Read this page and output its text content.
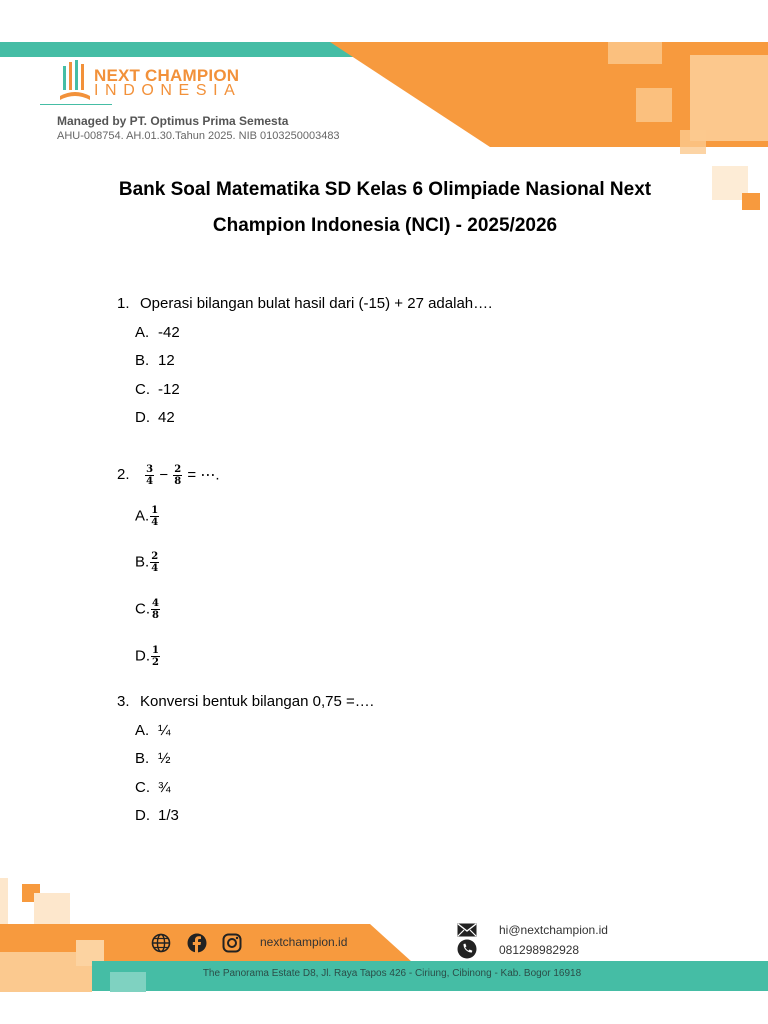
NEXT CHAMPION
INDONESIA
Managed by PT. Optimus Prima Semesta
AHU-008754. AH.01.30.Tahun 2025. NIB 0103250003483
Bank Soal Matematika SD Kelas 6 Olimpiade Nasional Next
Champion Indonesia (NCI) - 2025/2026
1. Operasi bilangan bulat hasil dari (-15) + 27 adalah….
A. -42
B. 12
C. -12
D. 42
2. $\frac{3}{4} - \frac{2}{8}$ = ⋯.
A. $\frac{1}{4}$
B. $\frac{2}{4}$
C. $\frac{4}{8}$
D. $\frac{1}{2}$
3. Konversi bentuk bilangan 0,75 =….
A. ¼
B. ½
C. ¾
D. 1/3
The Panorama Estate D8, Jl. Raya Tapos 426 - Ciriung, Cibinong - Kab. Bogor 16918
nextchampion.id
hi@nextchampion.id
081298982928
